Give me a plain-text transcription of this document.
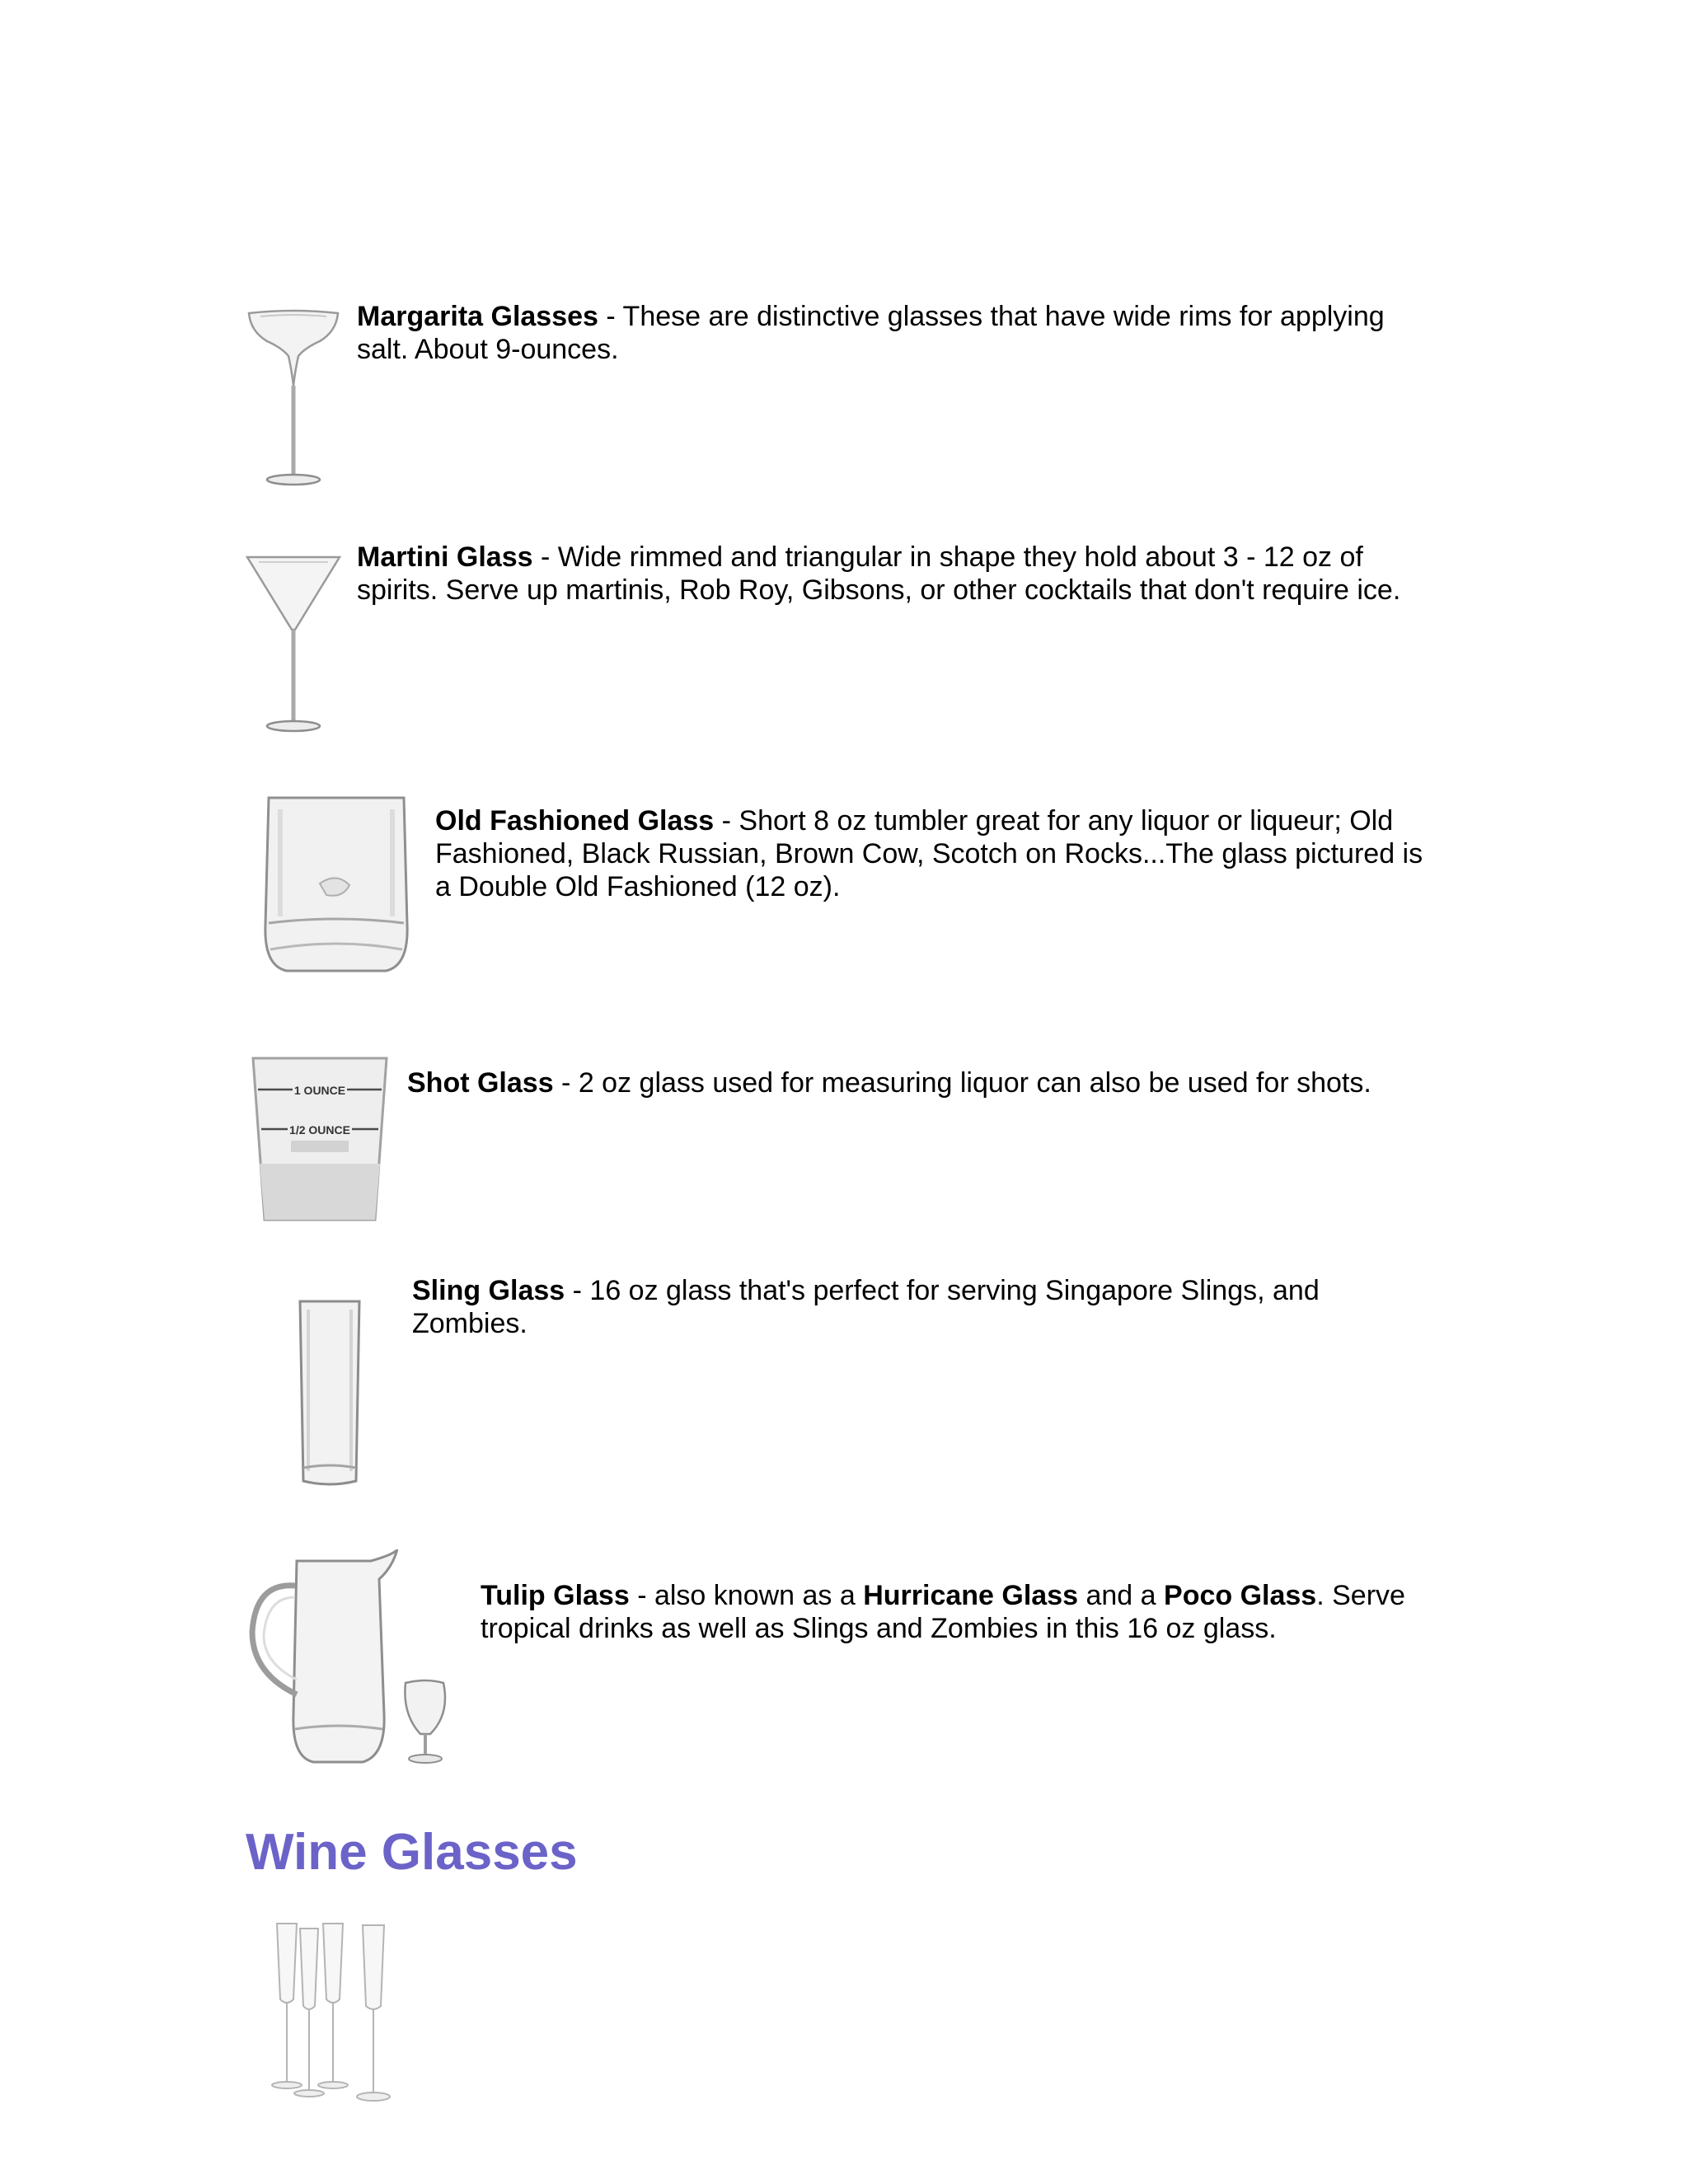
Margarita Glasses - These are distinctive glasses that have wide rims for applying salt. About 9-ounces.
Martini Glass - Wide rimmed and triangular in shape they hold about 3 - 12 oz of spirits. Serve up martinis, Rob Roy, Gibsons, or other cocktails that don't require ice.
Old Fashioned Glass - Short 8 oz tumbler great for any liquor or liqueur; Old Fashioned, Black Russian, Brown Cow, Scotch on Rocks...The glass pictured is a Double Old Fashioned (12 oz).
1 OUNCE
1/2 OUNCE
Shot Glass - 2 oz glass used for measuring liquor can also be used for shots.
Sling Glass - 16 oz glass that's perfect for serving Singapore Slings, and Zombies.
Tulip Glass - also known as a Hurricane Glass and a Poco Glass. Serve tropical drinks as well as Slings and Zombies in this 16 oz glass.
Wine Glasses
